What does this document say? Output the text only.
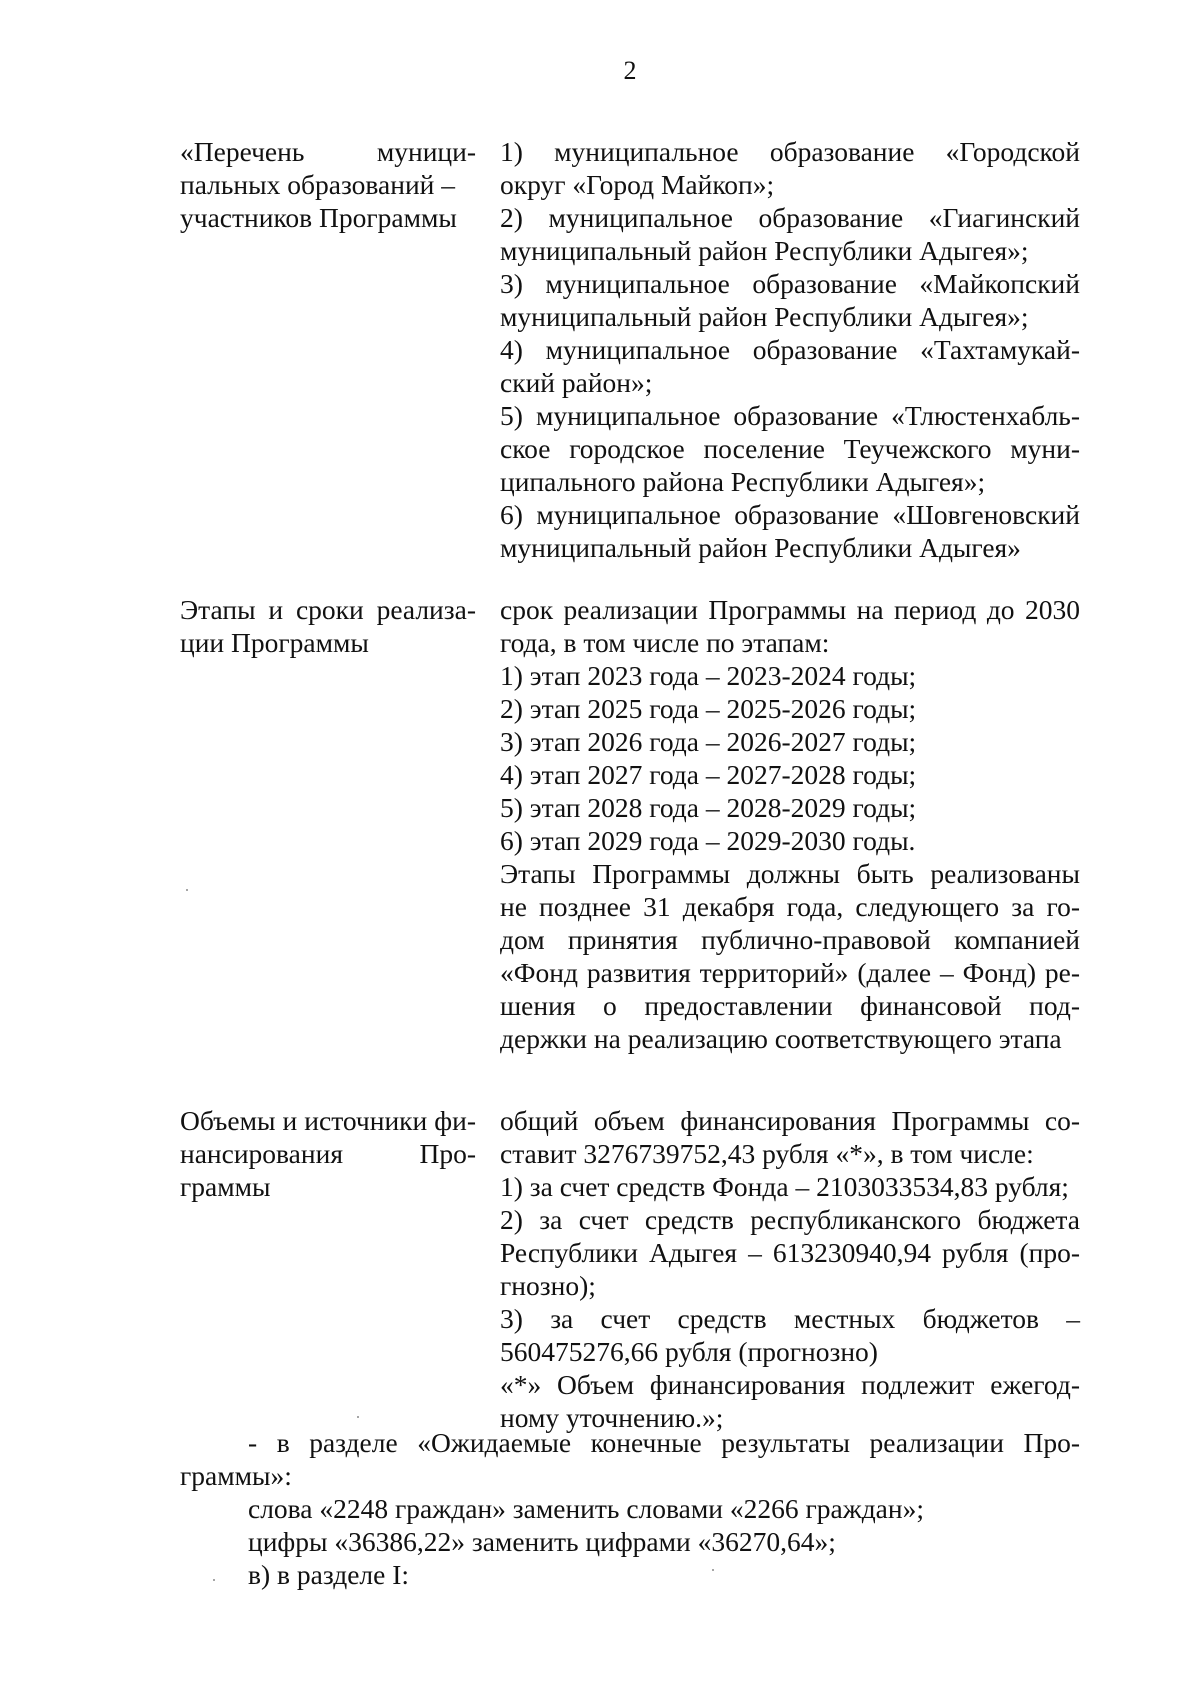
2
«Перечень муници-
пальных образований –
участников Программы
1) муниципальное образование «Городской
округ «Город Майкоп»;
2) муниципальное образование «Гиагинский
муниципальный район Республики Адыгея»;
3) муниципальное образование «Майкопский
муниципальный район Республики Адыгея»;
4) муниципальное образование «Тахтамукай-
ский район»;
5) муниципальное образование «Тлюстенхабль-
ское городское поселение Теучежского муни-
ципального района Республики Адыгея»;
6) муниципальное образование «Шовгеновский
муниципальный район Республики Адыгея»
Этапы и сроки реализа-
ции Программы
срок реализации Программы на период до 2030
года, в том числе по этапам:
1) этап 2023 года – 2023-2024 годы;
2) этап 2025 года – 2025-2026 годы;
3) этап 2026 года – 2026-2027 годы;
4) этап 2027 года – 2027-2028 годы;
5) этап 2028 года – 2028-2029 годы;
6) этап 2029 года – 2029-2030 годы.
Этапы Программы должны быть реализованы
не позднее 31 декабря года, следующего за го-
дом принятия публично-правовой компанией
«Фонд развития территорий» (далее – Фонд) ре-
шения о предоставлении финансовой под-
держки на реализацию соответствующего этапа
Объемы и источники фи-
нансирования Про-
граммы
общий объем финансирования Программы со-
ставит 3276739752,43 рубля «*», в том числе:
1) за счет средств Фонда – 2103033534,83 рубля;
2) за счет средств республиканского бюджета
Республики Адыгея – 613230940,94 рубля (про-
гнозно);
3) за счет средств местных бюджетов –
560475276,66 рубля (прогнозно)
«*» Объем финансирования подлежит ежегод-
ному уточнению.»;
- в разделе «Ожидаемые конечные результаты реализации Про-
граммы»:
слова «2248 граждан» заменить словами «2266 граждан»;
цифры «36386,22» заменить цифрами «36270,64»;
в) в разделе I:
